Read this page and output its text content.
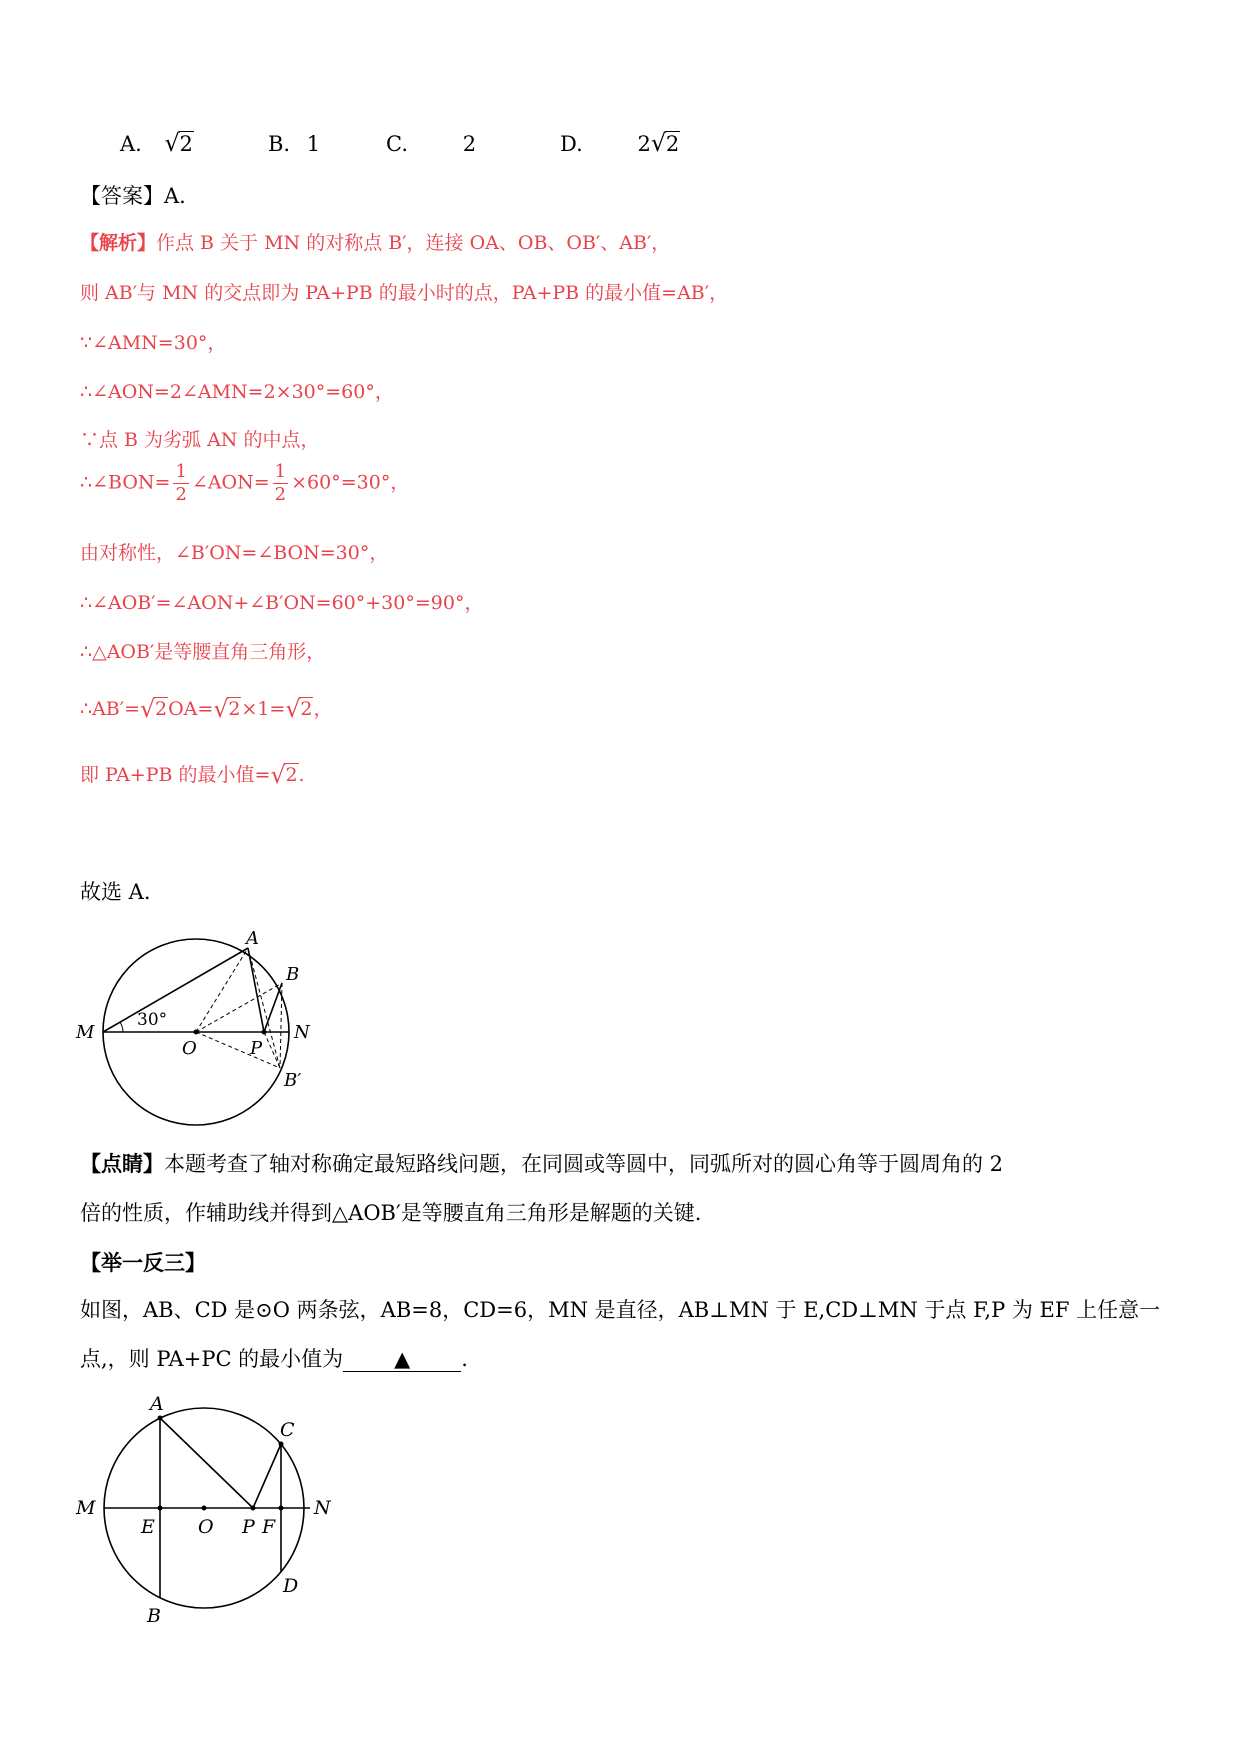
A. √ 2	B. 1	C.	2	D.	2 √ 2
【答案】A.
【解析】作点 B 关于 MN 的对称点 B′，连接 OA、OB、OB′、AB′，
则 AB′与 MN 的交点即为 PA+PB 的最小时的点，PA+PB 的最小值=AB′，
∵∠AMN=30°，
∴∠AON=2∠AMN=2×30°=60°，
∵点 B 为劣弧 AN 的中点，
∴∠BON= $\frac{1}{2}$ ∠AON= $\frac{1}{2} \times 60^\circ=30^\circ$，
由对称性，∠B′ON=∠BON=30°，
∴∠AOB′=∠AON+∠B′ON=60°+30°=90°，
∴△AOB′是等腰直角三角形，
∴AB′= √ 2OA= √ 2×1= √ 2，
即 PA+PB 的最小值= √ 2.
故选 A.
A
B
M	N
O	P
B′
30°
【点睛】本题考查了轴对称确定最短路线问题，在同圆或等圆中，同弧所对的圆心角等于圆周角的 2
倍的性质，作辅助线并得到△AOB′是等腰直角三角形是解题的关键.
【举一反三】
如图，AB、CD 是⊙O 两条弦，AB=8，CD=6，MN 是直径，AB⊥MN 于 E,CD⊥MN 于点 F,P 为 EF 上任意一
点,，则 PA+PC 的最小值为 ▲ .
A
B
C
D
M	N
E O P F
